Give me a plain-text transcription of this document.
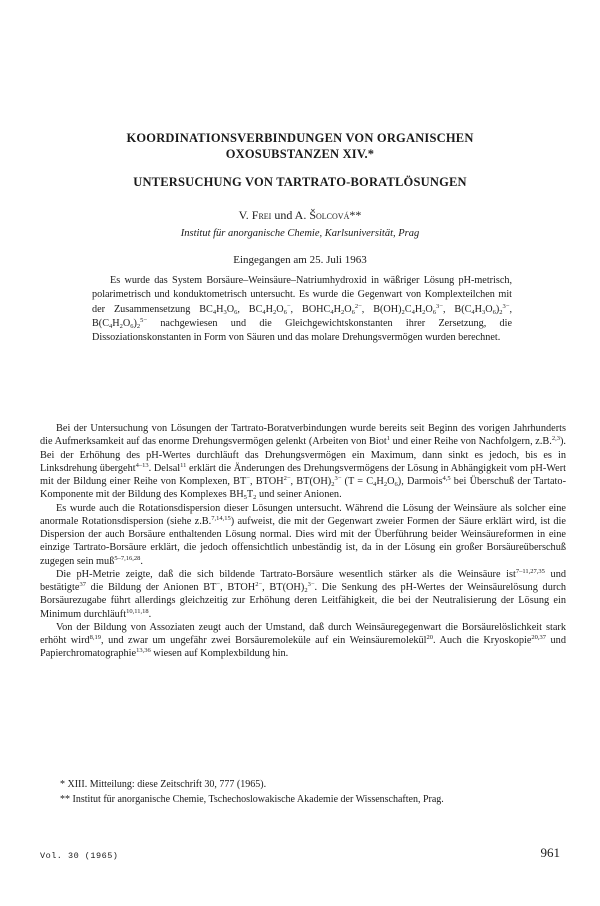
KOORDINATIONSVERBINDUNGEN VON ORGANISCHEN
OXOSUBSTANZEN XIV.*
UNTERSUCHUNG VON TARTRATO-BORATLÖSUNGEN
V. Frei und A. Šolcová**
Institut für anorganische Chemie, Karlsuniversität, Prag
Eingegangen am 25. Juli 1963

Es wurde das System Borsäure–Weinsäure–Natriumhydroxid in wäßriger Lösung pH-metrisch, polarimetrisch und konduktometrisch untersucht. Es wurde die Gegenwart von Komplexteilchen mit der Zusammensetzung $BC_4H_3O_6$, $BC_4H_2O_6^-$, $BOHC_4H_2O_6^{2-}$, $B(OH)_2C_4H_2O_6^{3-}$, $B(C_4H_3O_6)_2^{3-}$, $B(C_4H_2O_6)_2^{5-}$ nachgewiesen und die Gleichgewichtskonstanten ihrer Zersetzung, die Dissoziationskonstanten in Form von Säuren und das molare Drehungsvermögen wurden berechnet.

Bei der Untersuchung von Lösungen der Tartrato-Boratverbindungen wurde bereits seit Beginn des vorigen Jahrhunderts die Aufmerksamkeit auf das enorme Drehungsvermögen gelenkt (Arbeiten von Biot$^1$ und einer Reihe von Nachfolgern, z.B.$^{2,3}$). Bei der Erhöhung des pH-Wertes durchläuft das Drehungsvermögen ein Maximum, dann sinkt es jedoch, bis es in Linksdrehung übergeht$^{4-13}$. Delsal$^{11}$ erklärt die Änderungen des Drehungsvermögens der Lösung in Abhängigkeit vom pH-Wert mit der Bildung einer Reihe von Komplexen, BT−, $BTOH^{2-}$, $BT(OH)_2^{3-}$ $(T = C_4H_2O_6)$, Darmois$^{4,5}$ bei Überschuß der Tartato-Komponente mit der Bildung des Komplexes $BH_5T_2$ und seiner Anionen.

Es wurde auch die Rotationsdispersion dieser Lösungen untersucht. Während die Lösung der Weinsäure als solcher eine anormale Rotationsdispersion (siehe z.B.$^{7,14,15}$) aufweist, die mit der Gegenwart zweier Formen der Säure erklärt wird, ist die Dispersion der auch Borsäure enthaltenden Lösung normal. Dies wird mit der Überführung beider Weinsäureformen in eine einzige Tartrato-Borsäure erklärt, die jedoch offensichtlich unbeständig ist, da in der Lösung ein großer Borsäureüberschuß zugegen sein muß$^{5-7,16,28}$.

Die pH-Metrie zeigte, daß die sich bildende Tartrato-Borsäure wesentlich stärker als die Weinsäure ist$^{7-11,27,35}$ und bestätigte$^{37}$ die Bildung der Anionen BT−, $BTOH^{2-}$, $BT(OH)_2^{3-}$. Die Senkung des pH-Wertes der Weinsäurelösung durch Borsäurezugabe führt allerdings gleichzeitig zur Erhöhung deren Leitfähigkeit, die bei der Neutralisierung der Lösung ein Minimum durchläuft$^{10,11,18}$.

Von der Bildung von Assoziaten zeugt auch der Umstand, daß durch Weinsäuregegenwart die Borsäurelöslichkeit stark erhöht wird$^{8,19}$, und zwar um ungefähr zwei Borsäuremoleküle auf ein Weinsäuremolekül$^{20}$. Auch die Kryoskopie$^{20,37}$ und Papierchromatographie$^{13,36}$ wiesen auf Komplexbildung hin.

* XIII. Mitteilung: diese Zeitschrift 30, 777 (1965).

** Institut für anorganische Chemie, Tschechoslowakische Akademie der Wissenschaften, Prag.

Vol. 30 (1965)	961
